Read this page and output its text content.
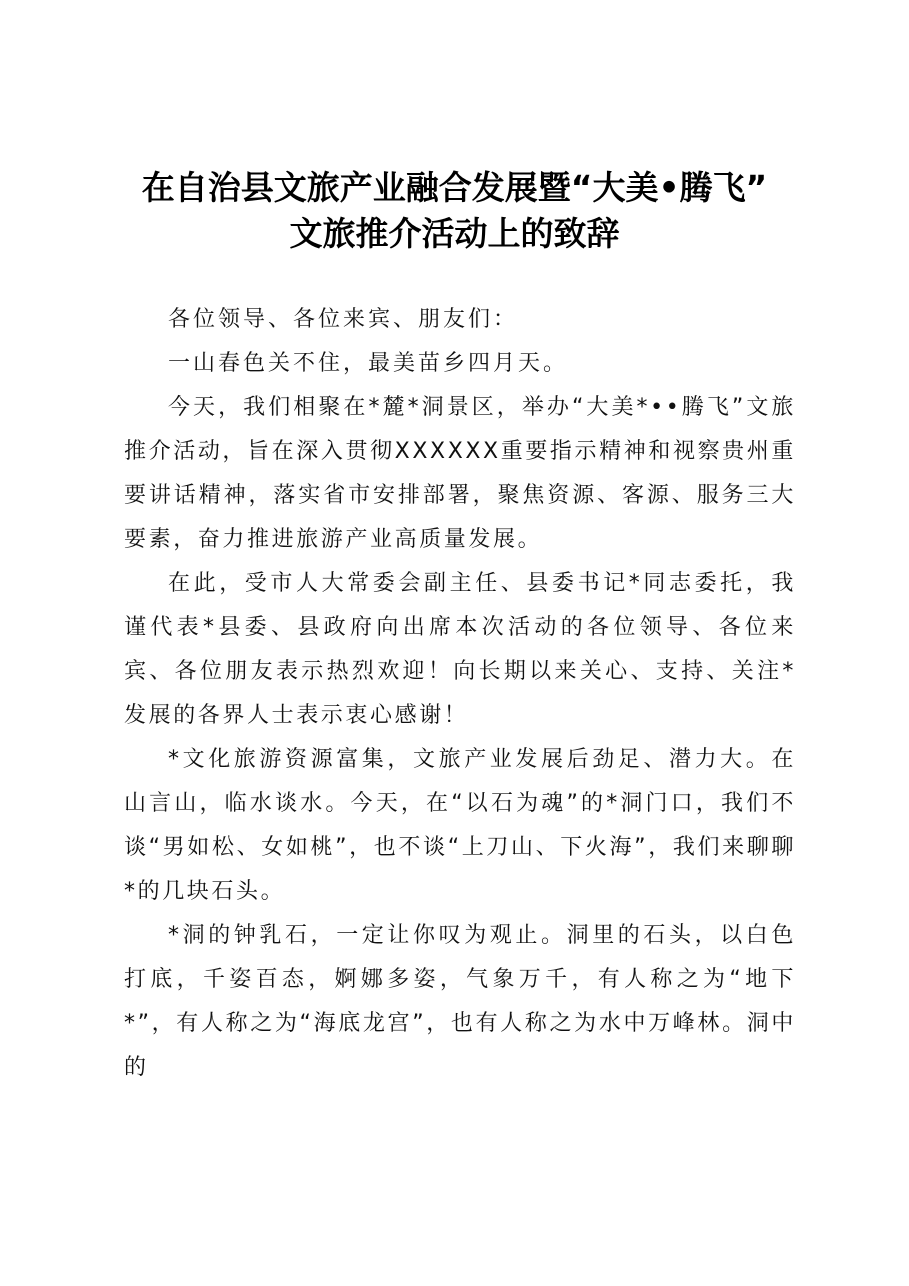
在自治县文旅产业融合发展暨“大美•腾飞”
文旅推介活动上的致辞

各位领导、各位来宾、朋友们：

一山春色关不住，最美苗乡四月天。

今天，我们相聚在*麓*洞景区，举办“大美*••腾飞”文旅推介活动，旨在深入贯彻XXXXXX重要指示精神和视察贵州重要讲话精神，落实省市安排部署，聚焦资源、客源、服务三大要素，奋力推进旅游产业高质量发展。

在此，受市人大常委会副主任、县委书记*同志委托，我谨代表*县委、县政府向出席本次活动的各位领导、各位来宾、各位朋友表示热烈欢迎！向长期以来关心、支持、关注*发展的各界人士表示衷心感谢！

*文化旅游资源富集，文旅产业发展后劲足、潜力大。在山言山，临水谈水。今天，在“以石为魂”的*洞门口，我们不谈“男如松、女如桃”，也不谈“上刀山、下火海”，我们来聊聊*的几块石头。

*洞的钟乳石，一定让你叹为观止。洞里的石头，以白色打底，千姿百态，婀娜多姿，气象万千，有人称之为“地下*”，有人称之为“海底龙宫”，也有人称之为水中万峰林。洞中的
